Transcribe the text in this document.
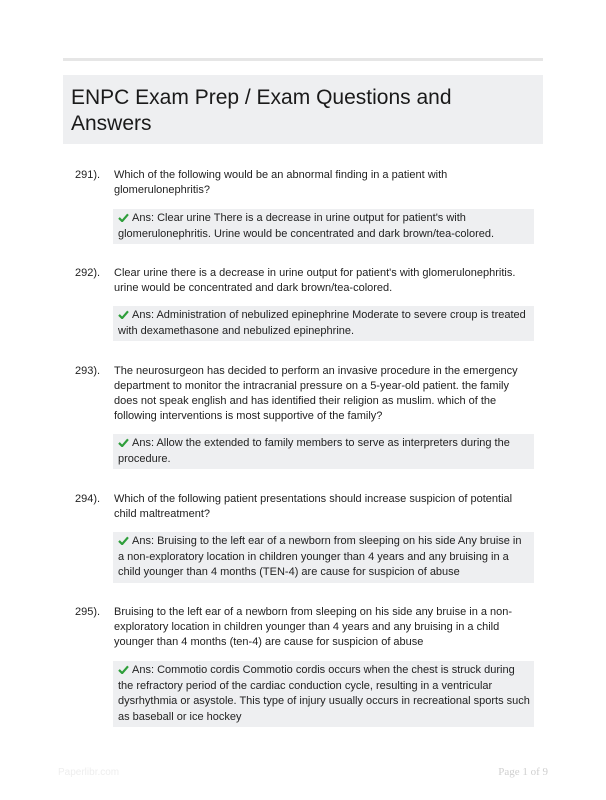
ENPC Exam Prep / Exam Questions and Answers
291). Which of the following would be an abnormal finding in a patient with glomerulonephritis?
Ans: Clear urine There is a decrease in urine output for patient's with glomerulonephritis. Urine would be concentrated and dark brown/tea-colored.
292). Clear urine there is a decrease in urine output for patient's with glomerulonephritis. urine would be concentrated and dark brown/tea-colored.
Ans: Administration of nebulized epinephrine Moderate to severe croup is treated with dexamethasone and nebulized epinephrine.
293). The neurosurgeon has decided to perform an invasive procedure in the emergency department to monitor the intracranial pressure on a 5-year-old patient. the family does not speak english and has identified their religion as muslim. which of the following interventions is most supportive of the family?
Ans: Allow the extended to family members to serve as interpreters during the procedure.
294). Which of the following patient presentations should increase suspicion of potential child maltreatment?
Ans: Bruising to the left ear of a newborn from sleeping on his side Any bruise in a non-exploratory location in children younger than 4 years and any bruising in a child younger than 4 months (TEN-4) are cause for suspicion of abuse
295). Bruising to the left ear of a newborn from sleeping on his side any bruise in a non-exploratory location in children younger than 4 years and any bruising in a child younger than 4 months (ten-4) are cause for suspicion of abuse
Ans: Commotio cordis Commotio cordis occurs when the chest is struck during the refractory period of the cardiac conduction cycle, resulting in a ventricular dysrhythmia or asystole. This type of injury usually occurs in recreational sports such as baseball or ice hockey
Paperlibr.com	Page 1 of 9
